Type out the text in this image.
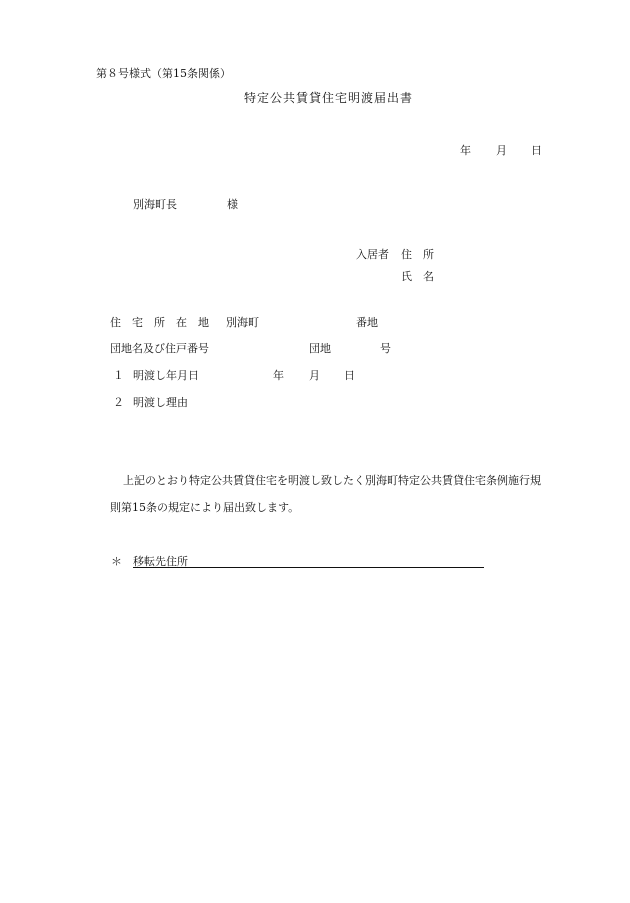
第８号様式（第15条関係）
特定公共賃貸住宅明渡届出書
年 月 日
別海町長	様
入居者 住　所
氏　名
住　宅　所　在　地 別海町	番地
団地名及び住戸番号	団地	号
１ 明渡し年月日	年 月 日
２ 明渡し理由
上記のとおり特定公共賃貸住宅を明渡し致したく別海町特定公共賃貸住宅条例施行規
則第15条の規定により届出致します。
＊ 移転先住所
